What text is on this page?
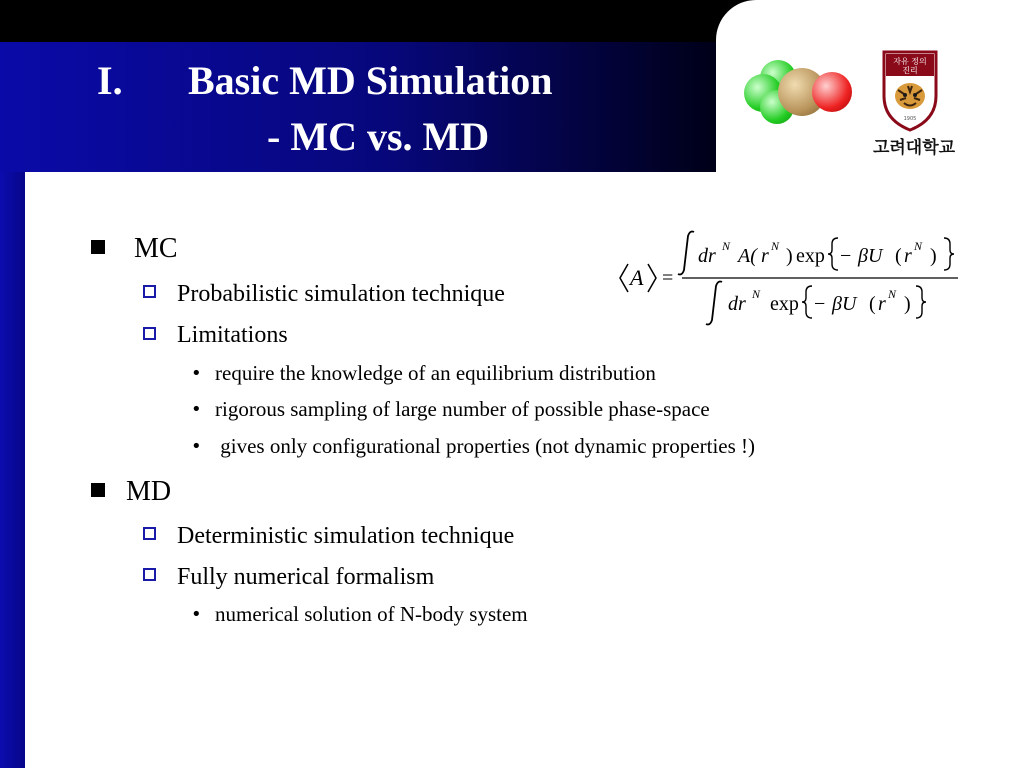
I. Basic MD Simulation
- MC vs. MD
자유 정의
진리
1905
고려대학교
MC
Probabilistic simulation technique
Limitations
• require the knowledge of an equilibrium distribution
• rigorous sampling of large number of possible phase-space
• gives only configurational properties (not dynamic properties !)
MD
Deterministic simulation technique
Fully numerical formalism
• numerical solution of N-body system
A =
dr N A( r N ) exp − βU ( r N )
dr N exp − βU ( r N )
